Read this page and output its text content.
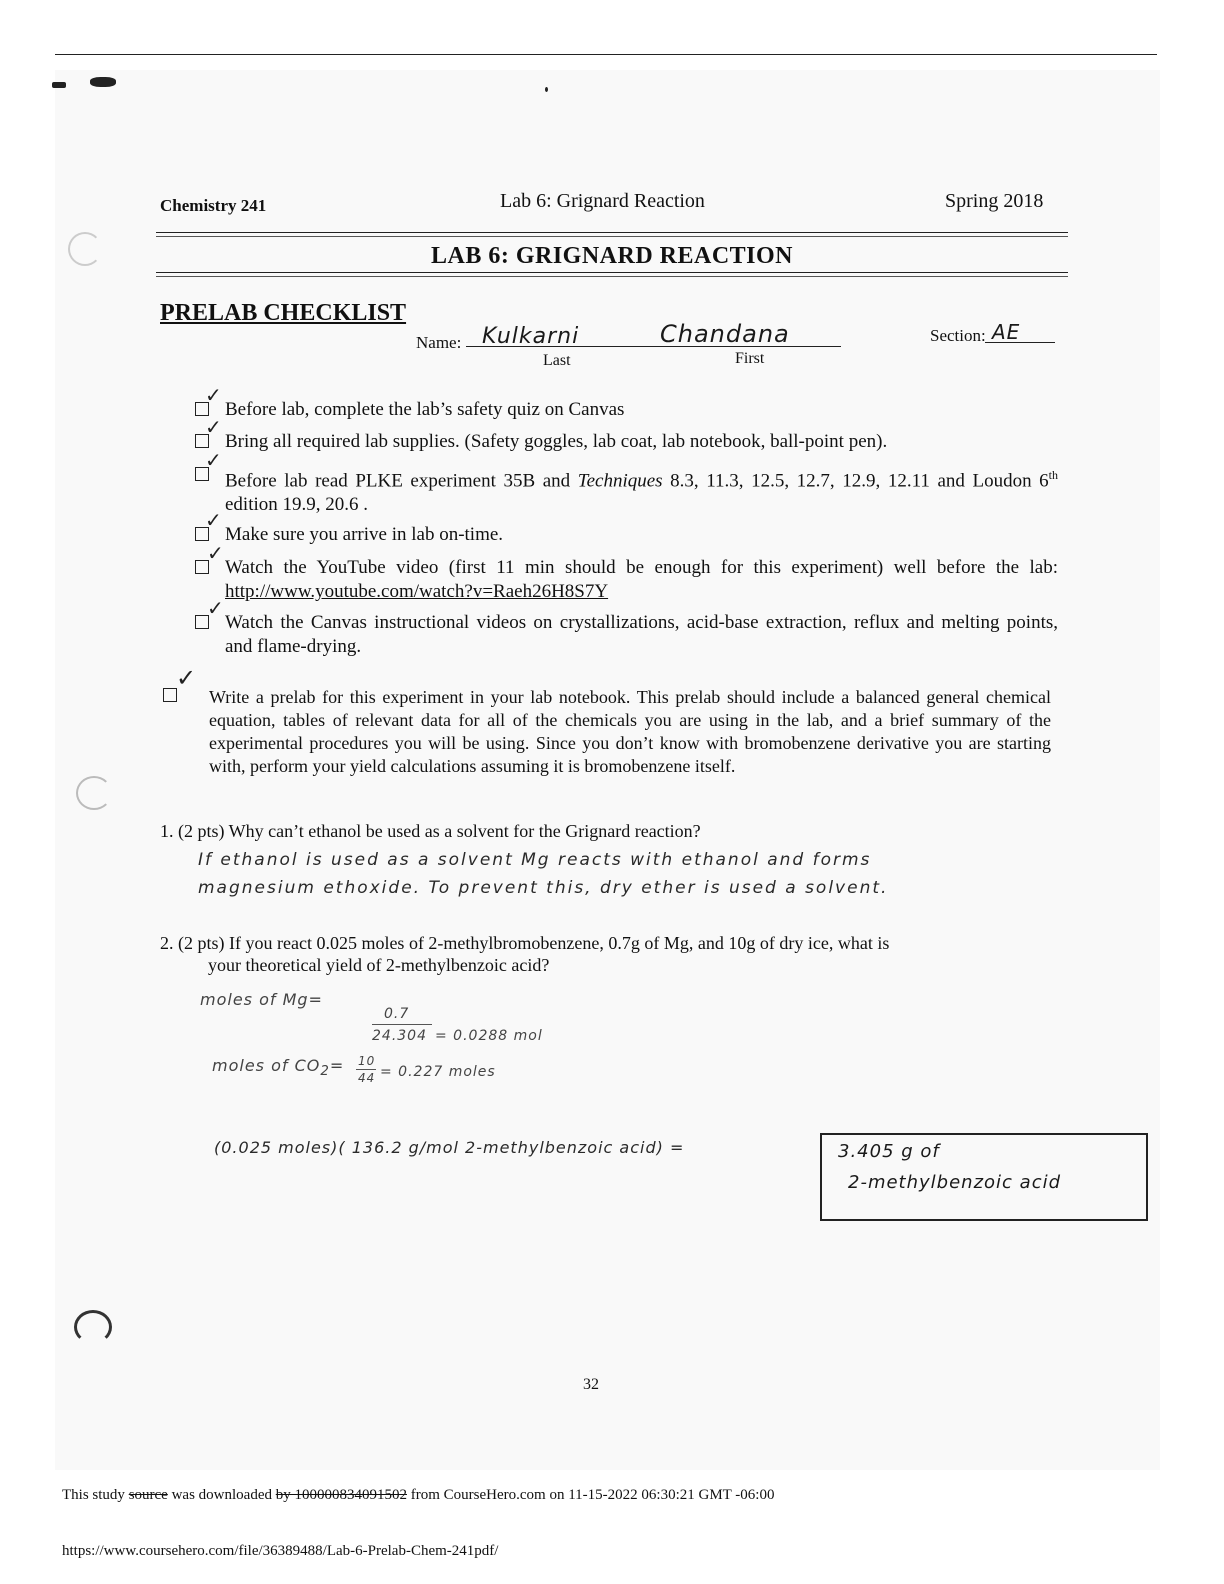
Chemistry 241	Lab 6: Grignard Reaction	Spring 2018
LAB 6: GRIGNARD REACTION
PRELAB CHECKLIST
Name: Kulkarni	Chandana
Last	First
Section: AE
✓
Before lab, complete the lab’s safety quiz on Canvas
✓
Bring all required lab supplies. (Safety goggles, lab coat, lab notebook, ball-point pen).
✓
Before lab read PLKE experiment 35B and Techniques 8.3, 11.3, 12.5, 12.7, 12.9, 12.11 and Loudon 6th edition 19.9, 20.6 .
✓
Make sure you arrive in lab on-time.
✓
Watch the YouTube video (first 11 min should be enough for this experiment) well before the lab: http://www.youtube.com/watch?v=Raeh26H8S7Y
✓
Watch the Canvas instructional videos on crystallizations, acid-base extraction, reflux and melting points, and flame-drying.
✓
Write a prelab for this experiment in your lab notebook. This prelab should include a balanced general chemical equation, tables of relevant data for all of the chemicals you are using in the lab, and a brief summary of the experimental procedures you will be using. Since you don’t know with bromobenzene derivative you are starting with, perform your yield calculations assuming it is bromobenzene itself.
1. (2 pts) Why can’t ethanol be used as a solvent for the Grignard reaction?
If ethanol is used as a solvent Mg reacts with ethanol and forms
magnesium ethoxide. To prevent this, dry ether is used a solvent.
2. (2 pts) If you react 0.025 moles of 2-methylbromobenzene, 0.7g of Mg, and 10g of dry ice, what is
your theoretical yield of 2-methylbenzoic acid?
moles of Mg=
0.7
24.304 = 0.0288 mol
moles of $CO_2= 10$
44 = 0.227 moles
(0.025 moles)( 136.2 g/mol 2-methylbenzoic acid) =	3.405 g of
2-methylbenzoic acid
32
This study source was downloaded by 100000834091502 from CourseHero.com on 11-15-2022 06:30:21 GMT -06:00
https://www.coursehero.com/file/36389488/Lab-6-Prelab-Chem-241pdf/
